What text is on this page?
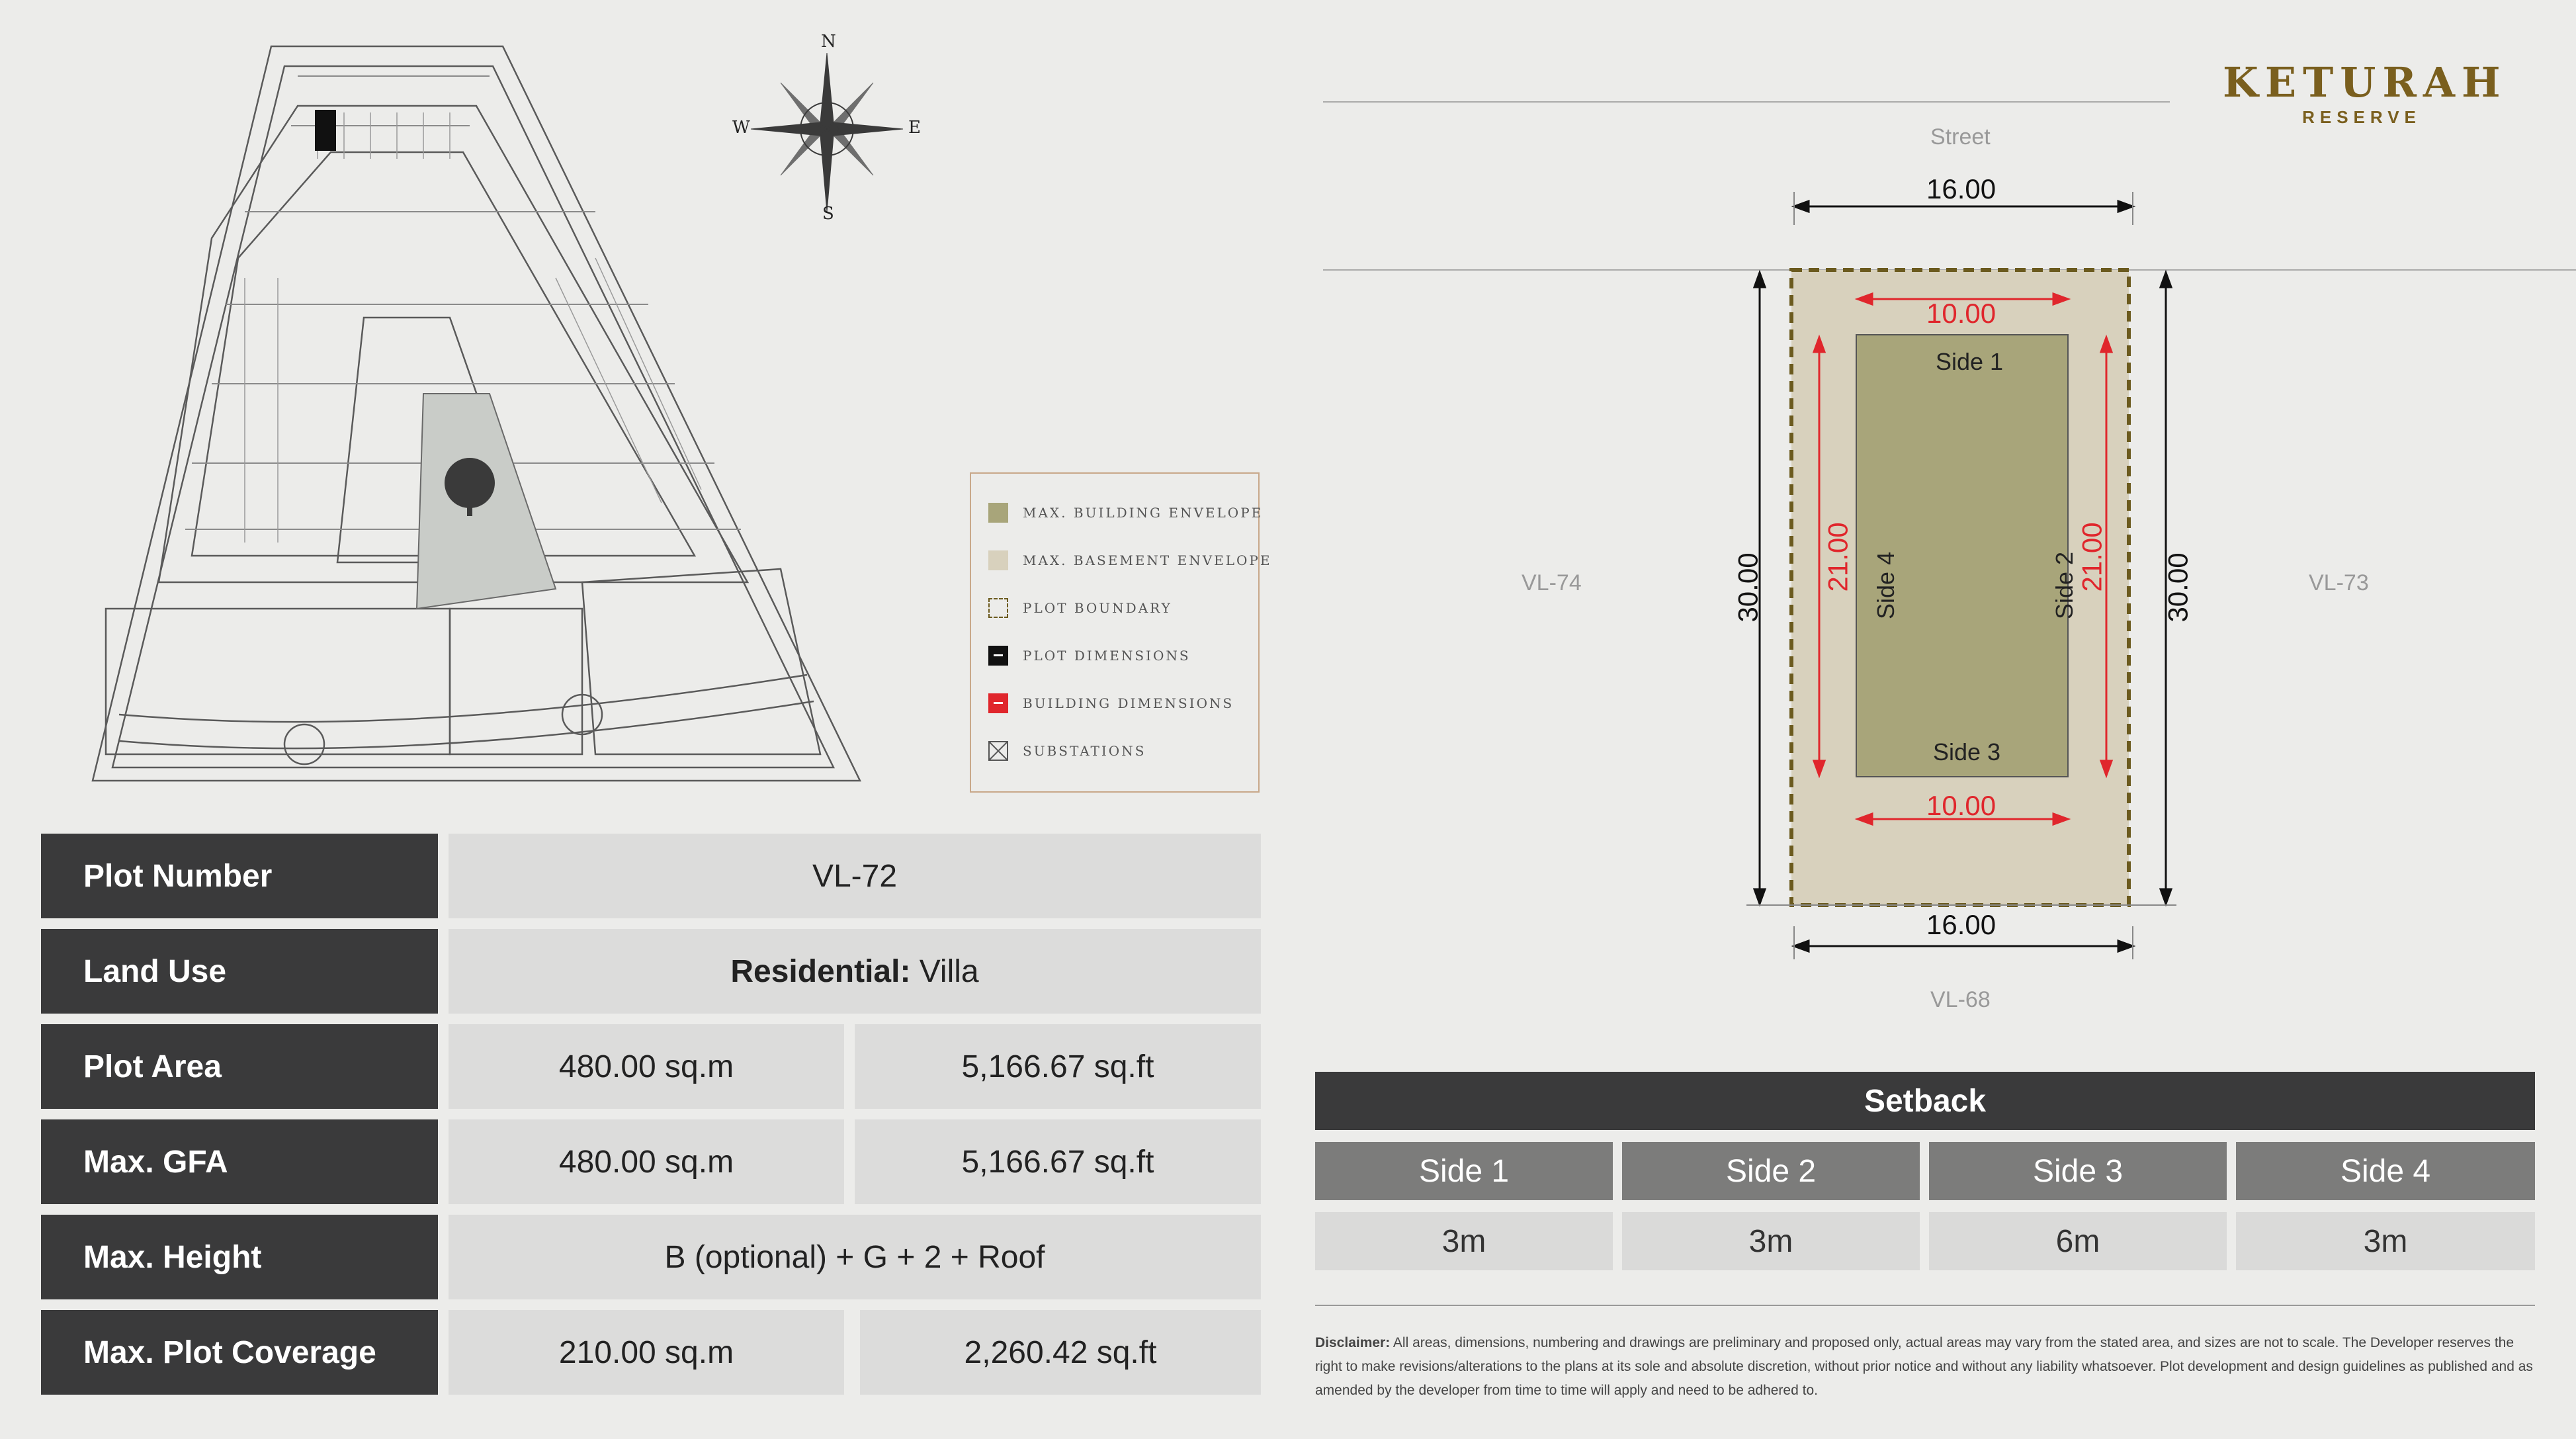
N
S
W	E
MAX. BUILDING ENVELOPE
MAX. BASEMENT ENVELOPE
PLOT BOUNDARY
PLOT DIMENSIONS
BUILDING DIMENSIONS
SUBSTATIONS
KETURAH
RESERVE
Plot Number	VL-72
Land Use	Residential: Villa
Plot Area	480.00 sq.m	5,166.67 sq.ft
Max. GFA	480.00 sq.m	5,166.67 sq.ft
Max. Height	B (optional) + G + 2 + Roof
Max. Plot Coverage	210.00 sq.m	2,260.42 sq.ft
Street
VL-74	VL-73
VL-68
16.00
16.00
30.00	30.00
10.00
10.00
21.00	21.00
Side 1
Side 3
Side 4	Side 2
Setback
Side 1	Side 2	Side 3	Side 4
3m	3m	6m	3m
Disclaimer: All areas, dimensions, numbering and drawings are preliminary and proposed only, actual areas may vary from the stated area, and sizes are not to scale. The Developer reserves the right to make revisions/alterations to the plans at its sole and absolute discretion, without prior notice and without any liability whatsoever. Plot development and design guidelines as published and as amended by the developer from time to time will apply and need to be adhered to.
